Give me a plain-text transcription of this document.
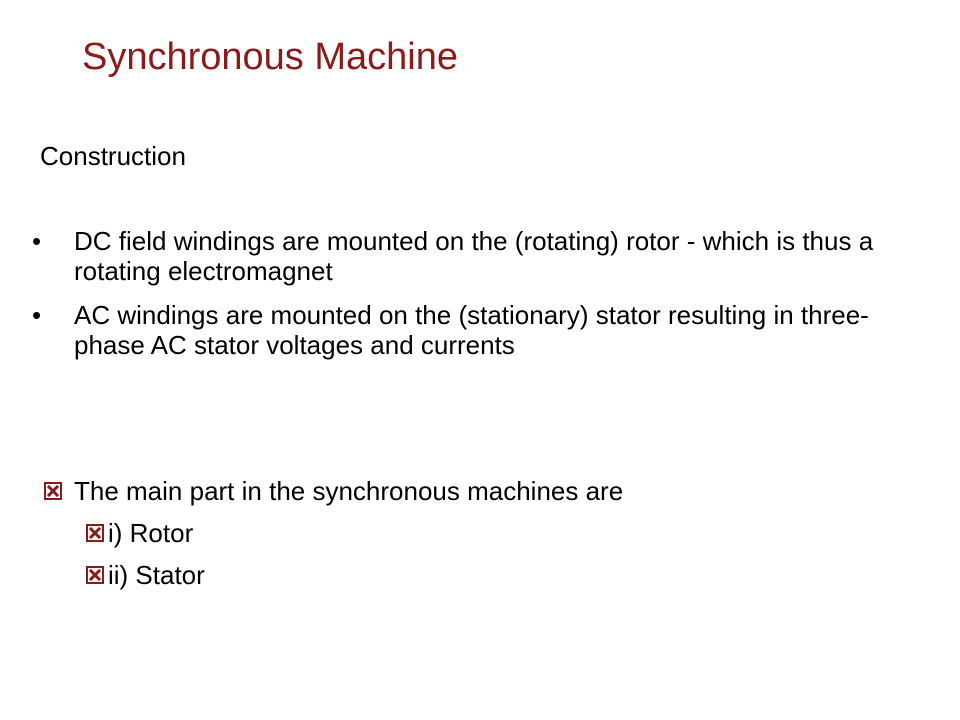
Synchronous Machine
Construction
•	DC field windings are mounted on the (rotating) rotor - which is thus a rotating electromagnet
•	AC windings are mounted on the (stationary) stator resulting in three-phase AC stator voltages and currents
The main part in the synchronous machines are
i) Rotor
ii) Stator
